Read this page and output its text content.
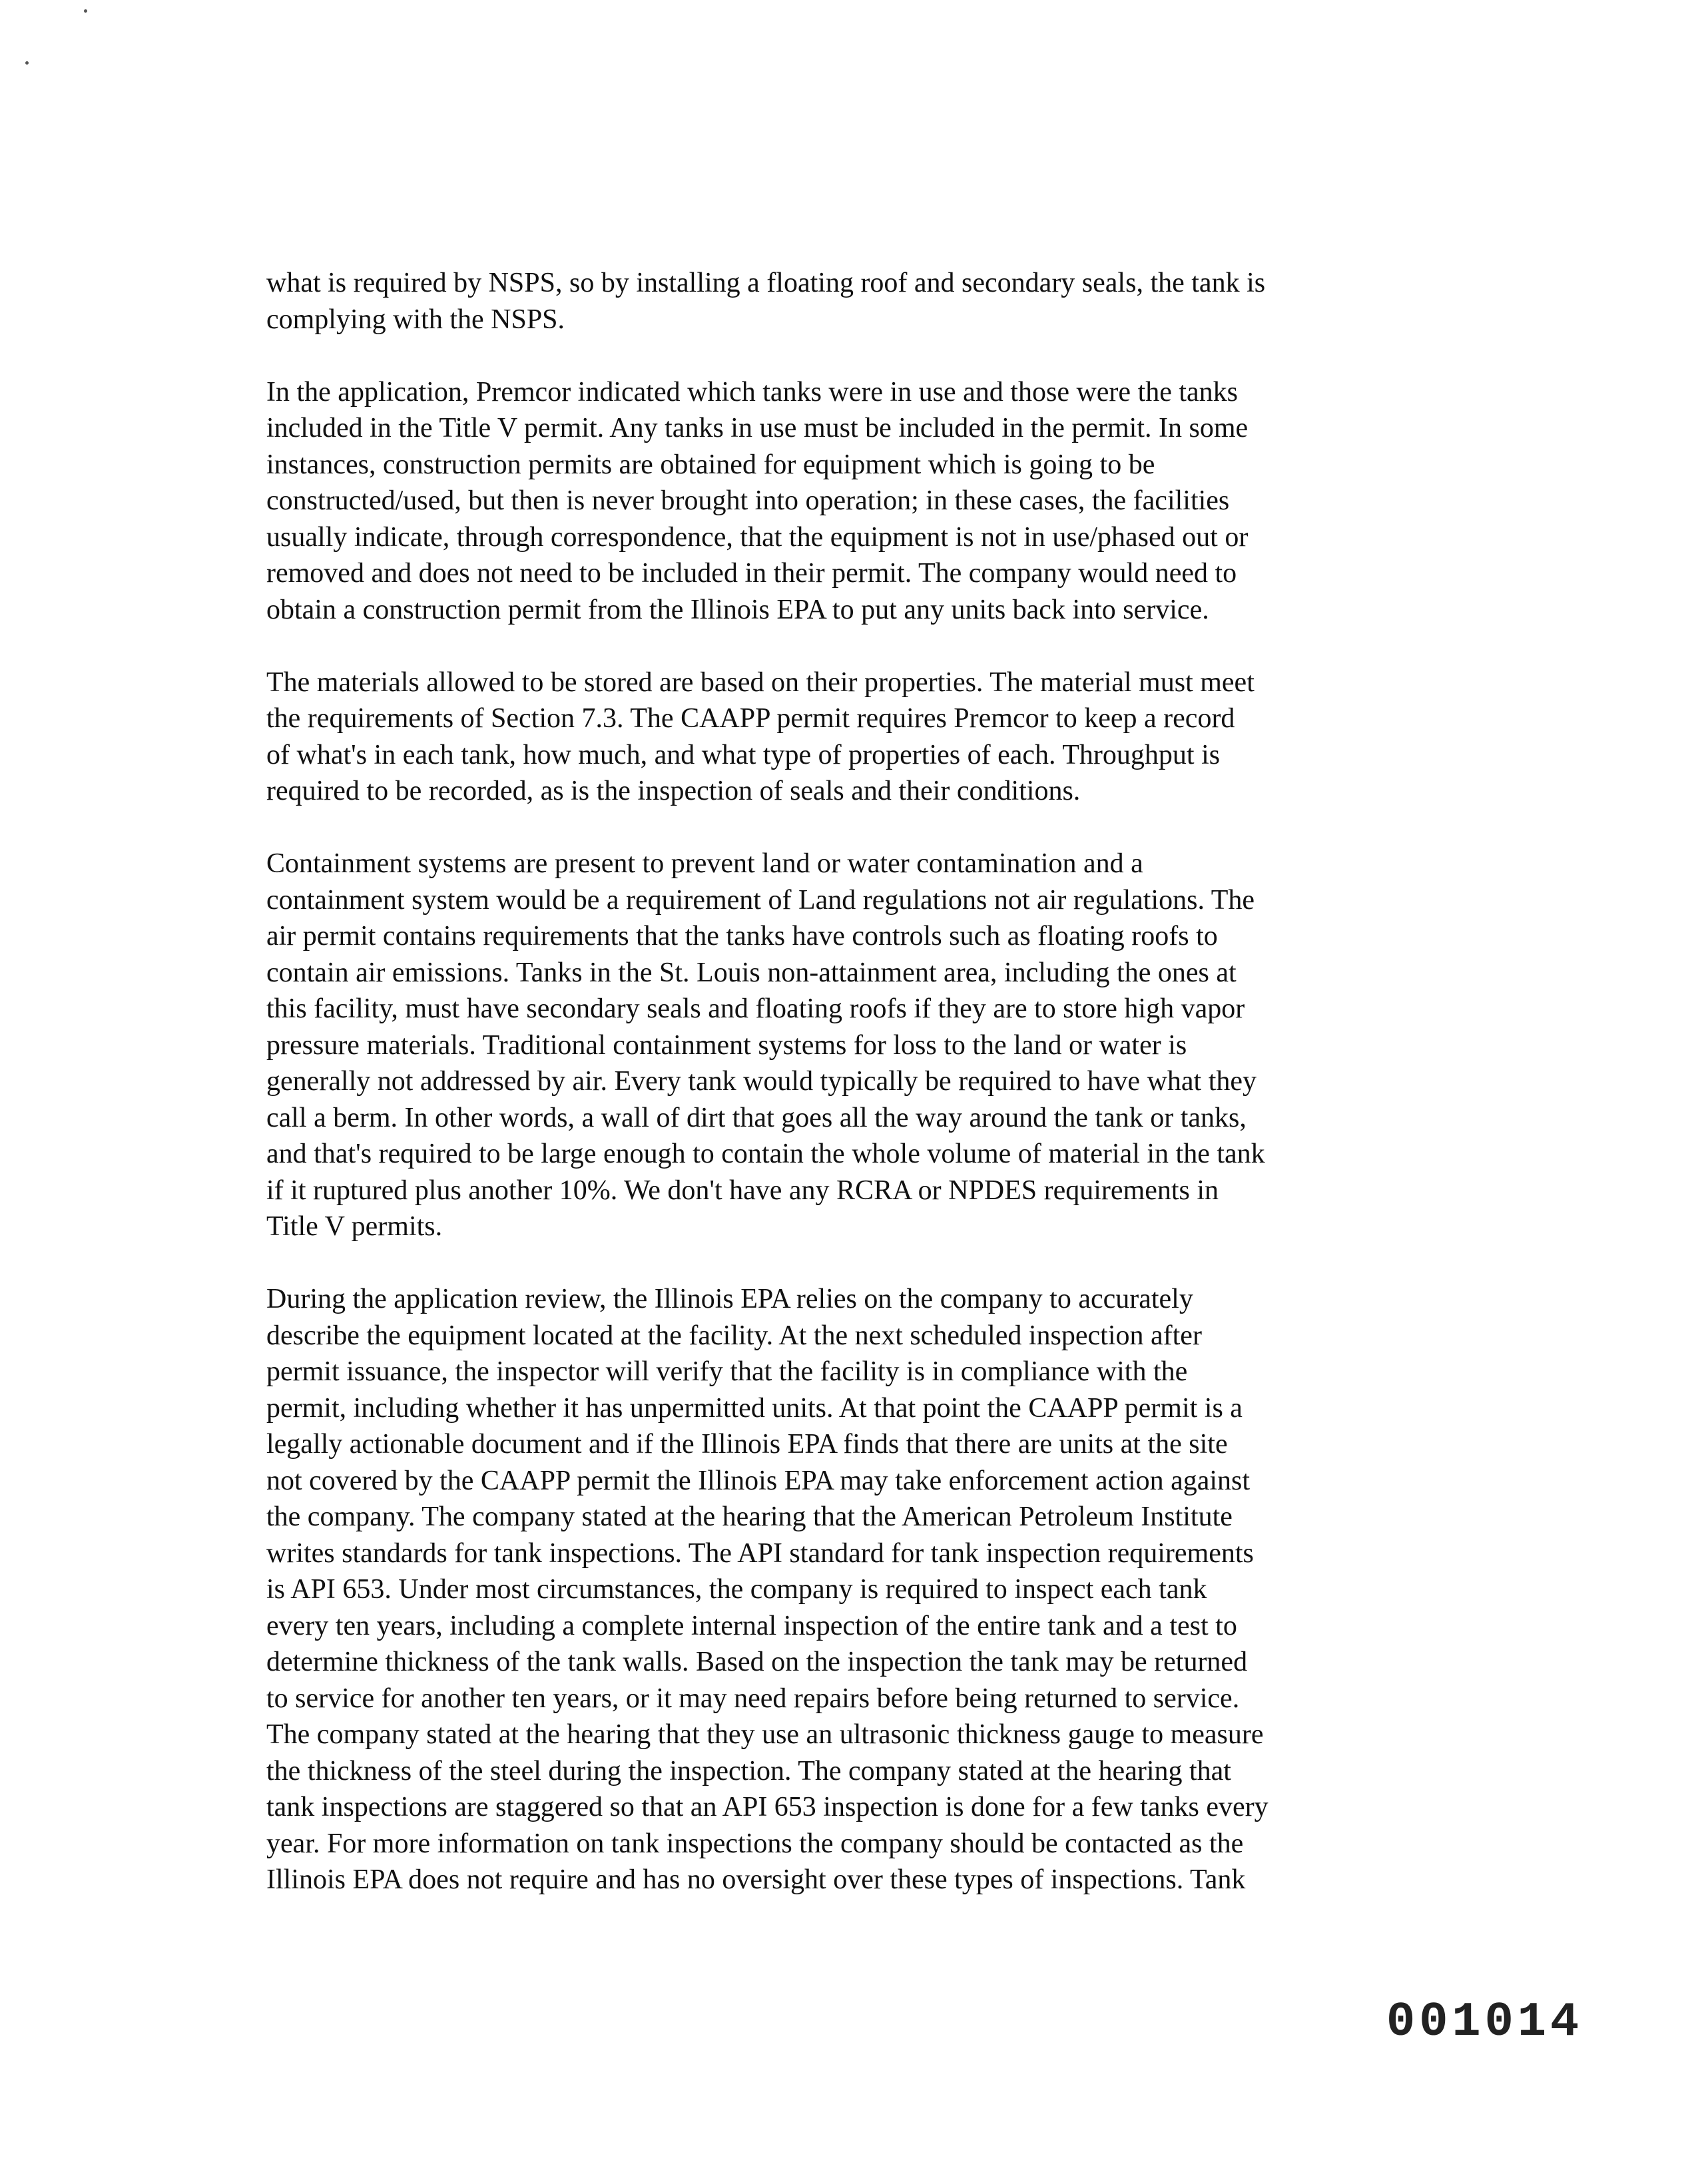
what is required by NSPS, so by installing a floating roof and secondary seals, the tank is
complying with the NSPS.

In the application, Premcor indicated which tanks were in use and those were the tanks
included in the Title V permit. Any tanks in use must be included in the permit. In some
instances, construction permits are obtained for equipment which is going to be
constructed/used, but then is never brought into operation; in these cases, the facilities
usually indicate, through correspondence, that the equipment is not in use/phased out or
removed and does not need to be included in their permit. The company would need to
obtain a construction permit from the Illinois EPA to put any units back into service.

The materials allowed to be stored are based on their properties. The material must meet
the requirements of Section 7.3. The CAAPP permit requires Premcor to keep a record
of what's in each tank, how much, and what type of properties of each. Throughput is
required to be recorded, as is the inspection of seals and their conditions.

Containment systems are present to prevent land or water contamination and a
containment system would be a requirement of Land regulations not air regulations. The
air permit contains requirements that the tanks have controls such as floating roofs to
contain air emissions. Tanks in the St. Louis non-attainment area, including the ones at
this facility, must have secondary seals and floating roofs if they are to store high vapor
pressure materials. Traditional containment systems for loss to the land or water is
generally not addressed by air. Every tank would typically be required to have what they
call a berm. In other words, a wall of dirt that goes all the way around the tank or tanks,
and that's required to be large enough to contain the whole volume of material in the tank
if it ruptured plus another 10%. We don't have any RCRA or NPDES requirements in
Title V permits.

During the application review, the Illinois EPA relies on the company to accurately
describe the equipment located at the facility. At the next scheduled inspection after
permit issuance, the inspector will verify that the facility is in compliance with the
permit, including whether it has unpermitted units. At that point the CAAPP permit is a
legally actionable document and if the Illinois EPA finds that there are units at the site
not covered by the CAAPP permit the Illinois EPA may take enforcement action against
the company. The company stated at the hearing that the American Petroleum Institute
writes standards for tank inspections. The API standard for tank inspection requirements
is API 653. Under most circumstances, the company is required to inspect each tank
every ten years, including a complete internal inspection of the entire tank and a test to
determine thickness of the tank walls. Based on the inspection the tank may be returned
to service for another ten years, or it may need repairs before being returned to service.
The company stated at the hearing that they use an ultrasonic thickness gauge to measure
the thickness of the steel during the inspection. The company stated at the hearing that
tank inspections are staggered so that an API 653 inspection is done for a few tanks every
year. For more information on tank inspections the company should be contacted as the
Illinois EPA does not require and has no oversight over these types of inspections. Tank

001014
